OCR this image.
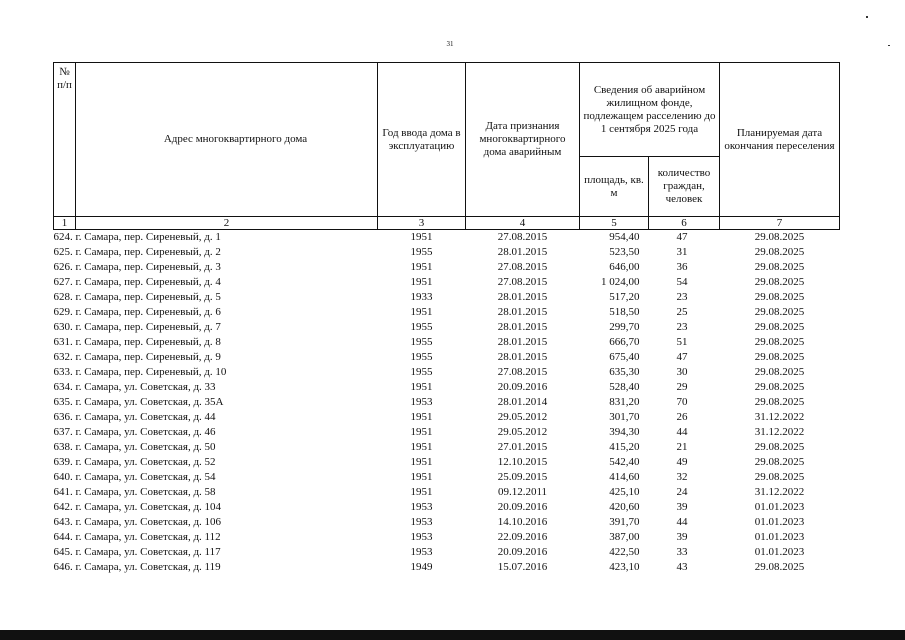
31
№ п/п	Адрес многоквартирного дома	Год ввода дома в эксплуатацию	Дата признания многоквартирного дома аварийным	Сведения об аварийном жилищном фонде, подлежащем расселению до 1 сентября 2025 года		Планируемая дата окончания переселения
				площадь, кв. м	количество граждан, человек	
1	2	3	4	5	6	7
624. г. Самара, пер. Сиреневый, д. 1		1951	27.08.2015	954,40	47	29.08.2025
625. г. Самара, пер. Сиреневый, д. 2		1955	28.01.2015	523,50	31	29.08.2025
626. г. Самара, пер. Сиреневый, д. 3		1951	27.08.2015	646,00	36	29.08.2025
627. г. Самара, пер. Сиреневый, д. 4		1951	27.08.2015	1 024,00	54	29.08.2025
628. г. Самара, пер. Сиреневый, д. 5		1933	28.01.2015	517,20	23	29.08.2025
629. г. Самара, пер. Сиреневый, д. 6		1951	28.01.2015	518,50	25	29.08.2025
630. г. Самара, пер. Сиреневый, д. 7		1955	28.01.2015	299,70	23	29.08.2025
631. г. Самара, пер. Сиреневый, д. 8		1955	28.01.2015	666,70	51	29.08.2025
632. г. Самара, пер. Сиреневый, д. 9		1955	28.01.2015	675,40	47	29.08.2025
633. г. Самара, пер. Сиреневый, д. 10		1955	27.08.2015	635,30	30	29.08.2025
634. г. Самара, ул. Советская, д. 33		1951	20.09.2016	528,40	29	29.08.2025
635. г. Самара, ул. Советская, д. 35А		1953	28.01.2014	831,20	70	29.08.2025
636. г. Самара, ул. Советская, д. 44		1951	29.05.2012	301,70	26	31.12.2022
637. г. Самара, ул. Советская, д. 46		1951	29.05.2012	394,30	44	31.12.2022
638. г. Самара, ул. Советская, д. 50		1951	27.01.2015	415,20	21	29.08.2025
639. г. Самара, ул. Советская, д. 52		1951	12.10.2015	542,40	49	29.08.2025
640. г. Самара, ул. Советская, д. 54		1951	25.09.2015	414,60	32	29.08.2025
641. г. Самара, ул. Советская, д. 58		1951	09.12.2011	425,10	24	31.12.2022
642. г. Самара, ул. Советская, д. 104		1953	20.09.2016	420,60	39	01.01.2023
643. г. Самара, ул. Советская, д. 106		1953	14.10.2016	391,70	44	01.01.2023
644. г. Самара, ул. Советская, д. 112		1953	22.09.2016	387,00	39	01.01.2023
645. г. Самара, ул. Советская, д. 117		1953	20.09.2016	422,50	33	01.01.2023
646. г. Самара, ул. Советская, д. 119		1949	15.07.2016	423,10	43	29.08.2025
